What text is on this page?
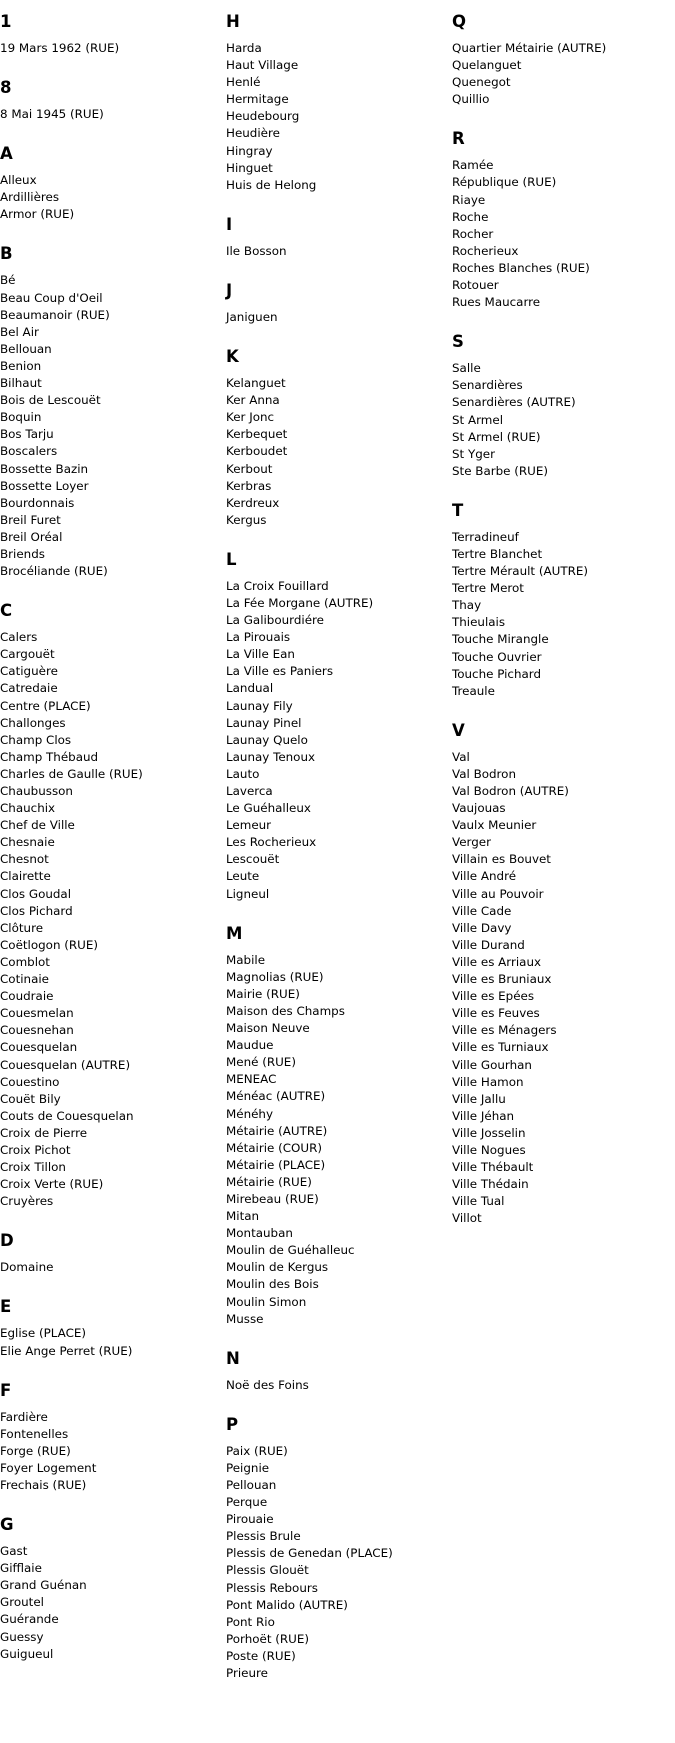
1
19 Mars 1962 (RUE)
8
8 Mai 1945 (RUE)
A
Alleux
Ardillières
Armor (RUE)
B
Bé
Beau Coup d'Oeil
Beaumanoir (RUE)
Bel Air
Bellouan
Benion
Bilhaut
Bois de Lescouët
Boquin
Bos Tarju
Boscalers
Bossette Bazin
Bossette Loyer
Bourdonnais
Breil Furet
Breil Oréal
Briends
Brocéliande (RUE)
C
Calers
Cargouët
Catiguère
Catredaie
Centre (PLACE)
Challonges
Champ Clos
Champ Thébaud
Charles de Gaulle (RUE)
Chaubusson
Chauchix
Chef de Ville
Chesnaie
Chesnot
Clairette
Clos Goudal
Clos Pichard
Clôture
Coëtlogon (RUE)
Comblot
Cotinaie
Coudraie
Couesmelan
Couesnehan
Couesquelan
Couesquelan (AUTRE)
Couestino
Couët Bily
Couts de Couesquelan
Croix de Pierre
Croix Pichot
Croix Tillon
Croix Verte (RUE)
Cruyères
D
Domaine
E
Eglise (PLACE)
Elie Ange Perret (RUE)
F
Fardière
Fontenelles
Forge (RUE)
Foyer Logement
Frechais (RUE)
G
Gast
Gifflaie
Grand Guénan
Groutel
Guérande
Guessy
Guigueul
H
Harda
Haut Village
Henlé
Hermitage
Heudebourg
Heudière
Hingray
Hinguet
Huis de Helong
I
Ile Bosson
J
Janiguen
K
Kelanguet
Ker Anna
Ker Jonc
Kerbequet
Kerboudet
Kerbout
Kerbras
Kerdreux
Kergus
L
La Croix Fouillard
La Fée Morgane (AUTRE)
La Galibourdiére
La Pirouais
La Ville Ean
La Ville es Paniers
Landual
Launay Fily
Launay Pinel
Launay Quelo
Launay Tenoux
Lauto
Laverca
Le Guéhalleux
Lemeur
Les Rocherieux
Lescouët
Leute
Ligneul
M
Mabile
Magnolias (RUE)
Mairie (RUE)
Maison des Champs
Maison Neuve
Maudue
Mené (RUE)
MENEAC
Ménéac (AUTRE)
Ménéhy
Métairie (AUTRE)
Métairie (COUR)
Métairie (PLACE)
Métairie (RUE)
Mirebeau (RUE)
Mitan
Montauban
Moulin de Guéhalleuc
Moulin de Kergus
Moulin des Bois
Moulin Simon
Musse
N
Noë des Foins
P
Paix (RUE)
Peignie
Pellouan
Perque
Pirouaie
Plessis Brule
Plessis de Genedan (PLACE)
Plessis Glouët
Plessis Rebours
Pont Malido (AUTRE)
Pont Rio
Porhoët (RUE)
Poste (RUE)
Prieure
Q
Quartier Métairie (AUTRE)
Quelanguet
Quenegot
Quillio
R
Ramée
République (RUE)
Riaye
Roche
Rocher
Rocherieux
Roches Blanches (RUE)
Rotouer
Rues Maucarre
S
Salle
Senardières
Senardières (AUTRE)
St Armel
St Armel (RUE)
St Yger
Ste Barbe (RUE)
T
Terradineuf
Tertre Blanchet
Tertre Mérault (AUTRE)
Tertre Merot
Thay
Thieulais
Touche Mirangle
Touche Ouvrier
Touche Pichard
Treaule
V
Val
Val Bodron
Val Bodron (AUTRE)
Vaujouas
Vaulx Meunier
Verger
Villain es Bouvet
Ville André
Ville au Pouvoir
Ville Cade
Ville Davy
Ville Durand
Ville es Arriaux
Ville es Bruniaux
Ville es Epées
Ville es Feuves
Ville es Ménagers
Ville es Turniaux
Ville Gourhan
Ville Hamon
Ville Jallu
Ville Jéhan
Ville Josselin
Ville Nogues
Ville Thébault
Ville Thédain
Ville Tual
Villot
